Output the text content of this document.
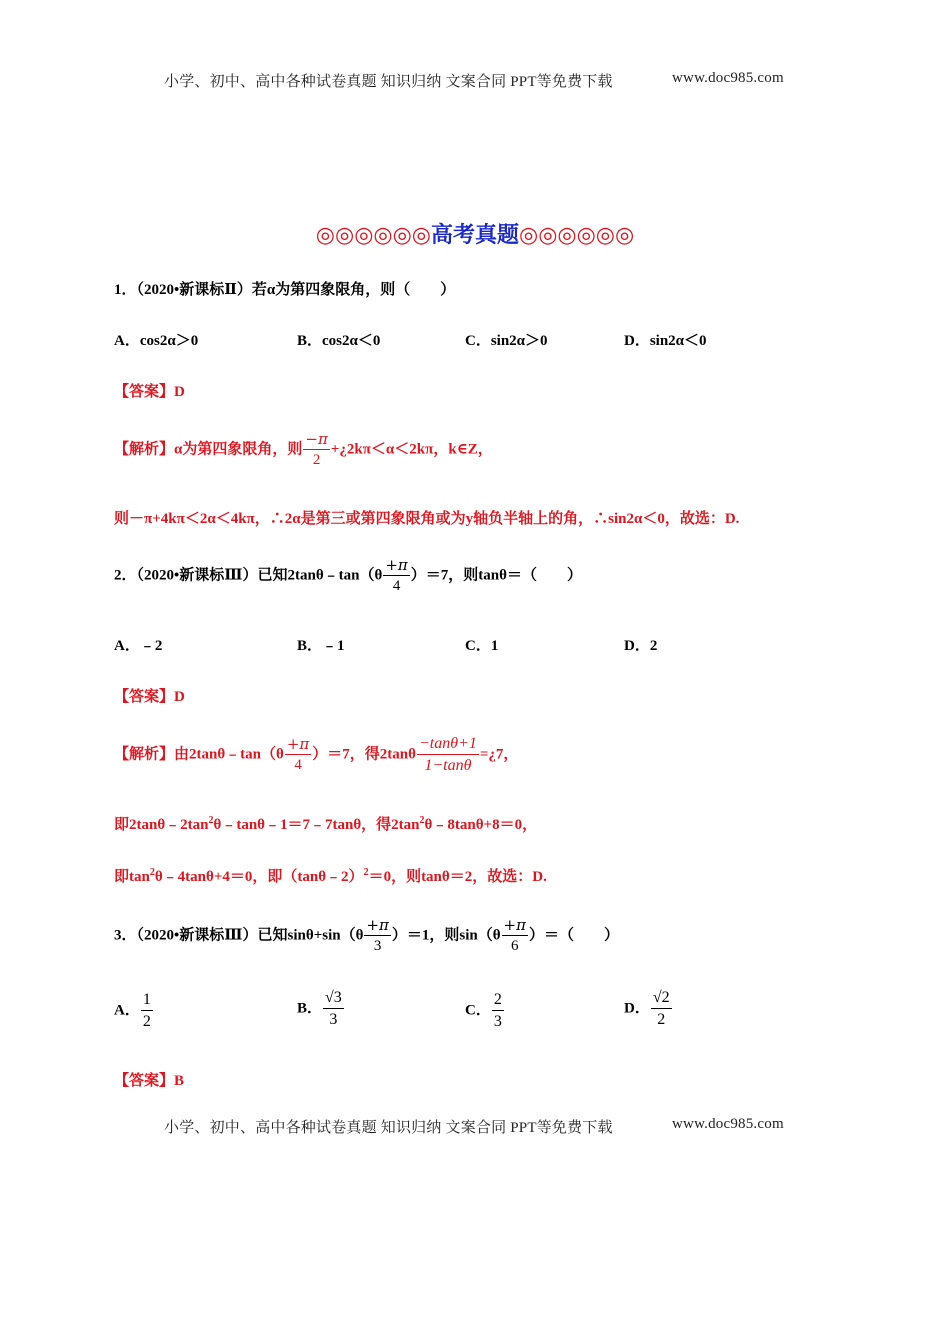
小学、初中、高中各种试卷真题 知识归纳 文案合同 PPT等免费下载	www.doc985.com
◎◎◎◎◎◎高考真题◎◎◎◎◎◎
1．（2020•新课标Ⅱ）若α为第四象限角，则（　　）
A．cos2α＞0	B．cos2α＜0	C．sin2α＞0	D．sin2α＜0
【答案】D
【解析】α为第四象限角，则 $\frac{-\pi}{2}$ +¿2kπ＜α＜2kπ，k∈Z，
则－π+4kπ＜2α＜4kπ，∴2α是第三或第四象限角或为y轴负半轴上的角，∴sin2α＜0，故选：D.
2．（2020•新课标Ⅲ）已知2tanθ﹣tan（θ $\frac{+\pi}{4} )=7$，则tanθ＝（　　）
A．﹣2	B．﹣1	C．1	D．2
【答案】D
【解析】由2tanθ﹣tan（θ $\frac{+\pi}{4} )=7$，得$2\tan\theta \frac{-\tan\theta+1}{1-\tan\theta}$ =¿7，
即$2\tan\theta﹣2\tan^2\theta﹣\tan\theta﹣1=7﹣7\tan\theta$，得$2\tan^2\theta﹣8\tan\theta+8=0$，
即$\tan^2\theta﹣4\tan\theta+4=0$，即（tanθ﹣2）$^2$＝0，则tanθ＝2，故选：D.
3．（2020•新课标Ⅲ）已知$\sin\theta+\sin(\theta \frac{+\pi}{3} )=1$，则$\sin(\theta \frac{+\pi}{6}$ ）＝（　　）
A． $\frac{1}{2}$	B． $\frac{√3}{3}$	C． $\frac{2}{3}$	D． $\frac{√2}{2}$
【答案】B
小学、初中、高中各种试卷真题 知识归纳 文案合同 PPT等免费下载	www.doc985.com
